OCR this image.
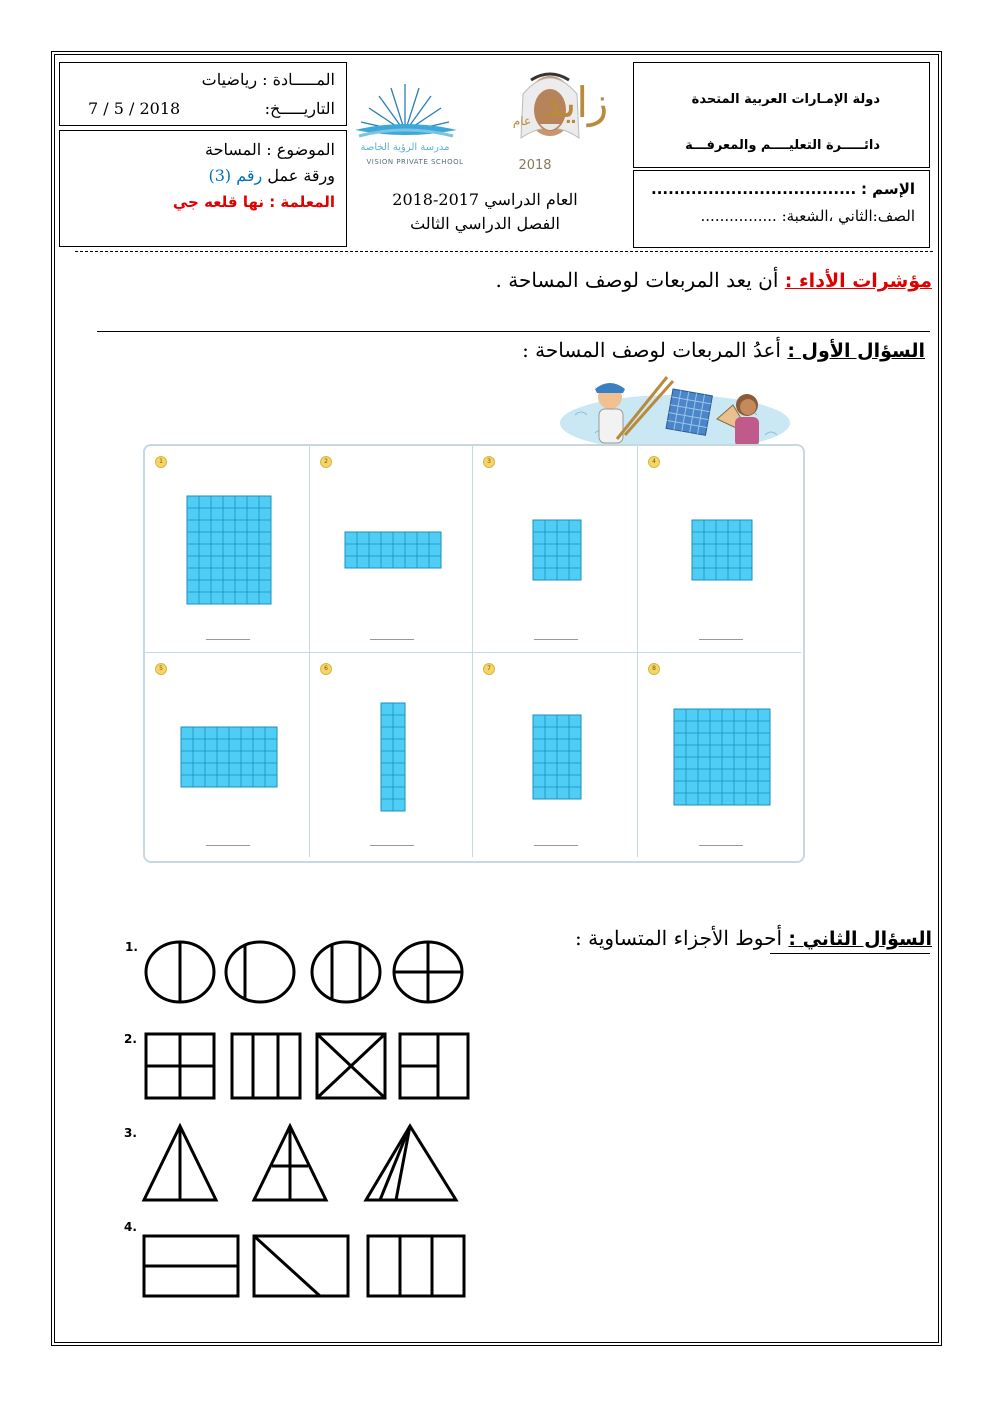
المـــــادة : رياضيات
التاريـــــخ:
7 / 5 / 2018
الموضوع : المساحة
ورقة عمل رقم (3)
المعلمة : نها قلعه جي
دولة الإمـارات العربية المتحدة
دائـــــرة التعليــــم والمعرفـــة
الإسم : ....................................
الصف:الثاني ،الشعبة: ................
مدرسة الرؤية الخاصة
VISION PRIVATE SCHOOL
زايد
عام
2018
العام الدراسي 2017-2018
الفصل الدراسي الثالث
مؤشرات الأداء : أن يعد المربعات لوصف المساحة .
السؤال الأول : أعدُ المربعات لوصف المساحة :
1	2	3	4
5	6	7	8
السؤال الثاني : أحوط الأجزاء المتساوية :
1.
2.
3.
4.
